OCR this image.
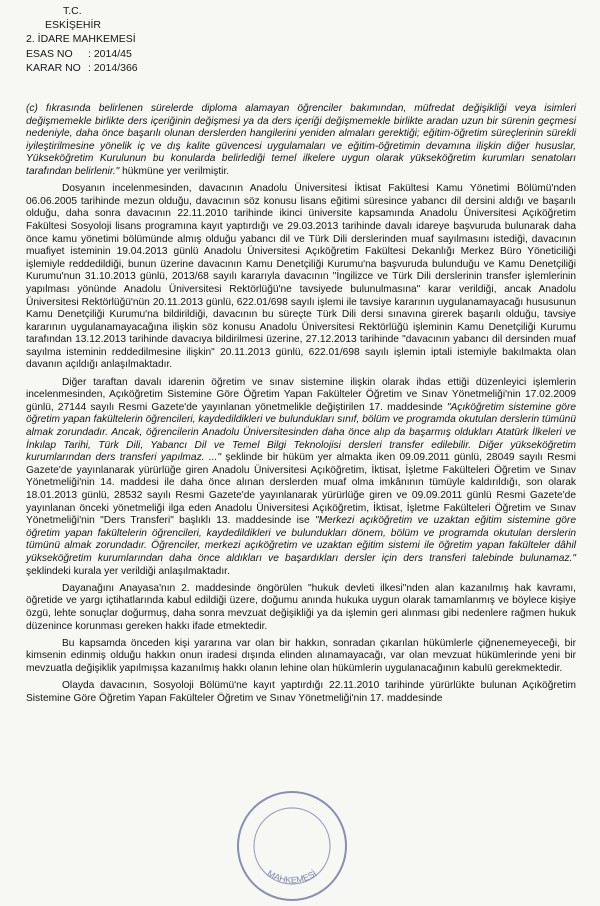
T.C.
ESKİŞEHİR
2. İDARE MAHKEMESİ
ESAS NO	: 2014/45
KARAR NO : 2014/366

(c) fıkrasında belirlenen sürelerde diploma alamayan öğrenciler bakımından, müfredat değişikliği veya isimleri değişmemekle birlikte ders içeriğinin değişmesi ya da ders içeriği değişmemekle birlikte aradan uzun bir sürenin geçmesi nedeniyle, daha önce başarılı olunan derslerden hangilerini yeniden almaları gerektiği; eğitim-öğretim süreçlerinin sürekli iyileştirilmesine yönelik iç ve dış kalite güvencesi uygulamaları ve eğitim-öğretimin devamına ilişkin diğer hususlar, Yükseköğretim Kurulunun bu konularda belirlediği temel ilkelere uygun olarak yükseköğretim kurumları senatoları tarafından belirlenir." hükmüne yer verilmiştir.

Dosyanın incelenmesinden, davacının Anadolu Üniversitesi İktisat Fakültesi Kamu Yönetimi Bölümü'nden 06.06.2005 tarihinde mezun olduğu, davacının söz konusu lisans eğitimi süresince yabancı dil dersini aldığı ve başarılı olduğu, daha sonra davacının 22.11.2010 tarihinde ikinci üniversite kapsamında Anadolu Üniversitesi Açıköğretim Fakültesi Sosyoloji lisans programına kayıt yaptırdığı ve 29.03.2013 tarihinde davalı idareye başvuruda bulunarak daha önce kamu yönetimi bölümünde almış olduğu yabancı dil ve Türk Dili derslerinden muaf sayılmasını istediği, davacının muafiyet isteminin 19.04.2013 günlü Anadolu Üniversitesi Açıköğretim Fakültesi Dekanlığı Merkez Büro Yöneticiliği işlemiyle reddedildiği, bunun üzerine davacının Kamu Denetçiliği Kurumu'na başvuruda bulunduğu ve Kamu Denetçiliği Kurumu'nun 31.10.2013 günlü, 2013/68 sayılı kararıyla davacının "İngilizce ve Türk Dili derslerinin transfer işlemlerinin yapılması yönünde Anadolu Üniversitesi Rektörlüğü'ne tavsiyede bulunulmasına" karar verildiği, ancak Anadolu Üniversitesi Rektörlüğü'nün 20.11.2013 günlü, 622.01/698 sayılı işlemi ile tavsiye kararının uygulanamayacağı hususunun Kamu Denetçiliği Kurumu'na bildirildiği, davacının bu süreçte Türk Dili dersi sınavına girerek başarılı olduğu, tavsiye kararının uygulanamayacağına ilişkin söz konusu Anadolu Üniversitesi Rektörlüğü işleminin Kamu Denetçiliği Kurumu tarafından 13.12.2013 tarihinde davacıya bildirilmesi üzerine, 27.12.2013 tarihinde "davacının yabancı dil dersinden muaf sayılma isteminin reddedilmesine ilişkin" 20.11.2013 günlü, 622.01/698 sayılı işlemin iptali istemiyle bakılmakta olan davanın açıldığı anlaşılmaktadır.

Diğer taraftan davalı idarenin öğretim ve sınav sistemine ilişkin olarak ihdas ettiği düzenleyici işlemlerin incelenmesinden, Açıköğretim Sistemine Göre Öğretim Yapan Fakülteler Öğretim ve Sınav Yönetmeliği'nin 17.02.2009 günlü, 27144 sayılı Resmi Gazete'de yayınlanan yönetmelikle değiştirilen 17. maddesinde "Açıköğretim sistemine göre öğretim yapan fakültelerin öğrencileri, kaydedildikleri ve bulundukları sınıf, bölüm ve programda okutulan derslerin tümünü almak zorundadır. Ancak, öğrencilerin Anadolu Üniversitesinden daha önce alıp da başarmış oldukları Atatürk İlkeleri ve İnkılap Tarihi, Türk Dili, Yabancı Dil ve Temel Bilgi Teknolojisi dersleri transfer edilebilir. Diğer yükseköğretim kurumlarından ders transferi yapılmaz. ..." şeklinde bir hüküm yer almakta iken 09.09.2011 günlü, 28049 sayılı Resmi Gazete'de yayınlanarak yürürlüğe giren Anadolu Üniversitesi Açıköğretim, İktisat, İşletme Fakülteleri Öğretim ve Sınav Yönetmeliği'nin 14. maddesi ile daha önce alınan derslerden muaf olma imkânının tümüyle kaldırıldığı, son olarak 18.01.2013 günlü, 28532 sayılı Resmi Gazete'de yayınlanarak yürürlüğe giren ve 09.09.2011 günlü Resmi Gazete'de yayınlanan önceki yönetmeliği ilga eden Anadolu Üniversitesi Açıköğretim, İktisat, İşletme Fakülteleri Öğretim ve Sınav Yönetmeliği'nin "Ders Transferi" başlıklı 13. maddesinde ise "Merkezi açıköğretim ve uzaktan eğitim sistemine göre öğretim yapan fakültelerin öğrencileri, kaydedildikleri ve bulundukları dönem, bölüm ve programda okutulan derslerin tümünü almak zorundadır. Öğrenciler, merkezi açıköğretim ve uzaktan eğitim sistemi ile öğretim yapan fakülteler dâhil yükseköğretim kurumlarından daha önce aldıkları ve başardıkları dersler için ders transferi talebinde bulunamaz." şeklindeki kurala yer verildiği anlaşılmaktadır.

Dayanağını Anayasa'nın 2. maddesinde öngörülen "hukuk devleti ilkesi"nden alan kazanılmış hak kavramı, öğretide ve yargı içtihatlarında kabul edildiği üzere, doğumu anında hukuka uygun olarak tamamlanmış ve böylece kişiye özgü, lehte sonuçlar doğurmuş, daha sonra mevzuat değişikliği ya da işlemin geri alınması gibi nedenlere rağmen hukuk düzenince korunması gereken hakkı ifade etmektedir.

Bu kapsamda önceden kişi yararına var olan bir hakkın, sonradan çıkarılan hükümlerle çiğnenemeyeceği, bir kimsenin edinmiş olduğu hakkın onun iradesi dışında elinden alınamayacağı, var olan mevzuat hükümlerinde yeni bir mevzuatla değişiklik yapılmışsa kazanılmış hakkı olanın lehine olan hükümlerin uygulanacağının kabulü gerekmektedir.

Olayda davacının, Sosyoloji Bölümü'ne kayıt yaptırdığı 22.11.2010 tarihinde yürürlükte bulunan Açıköğretim Sistemine Göre Öğretim Yapan Fakülteler Öğretim ve Sınav Yönetmeliği'nin 17. maddesinde

MAHKEMESİ
